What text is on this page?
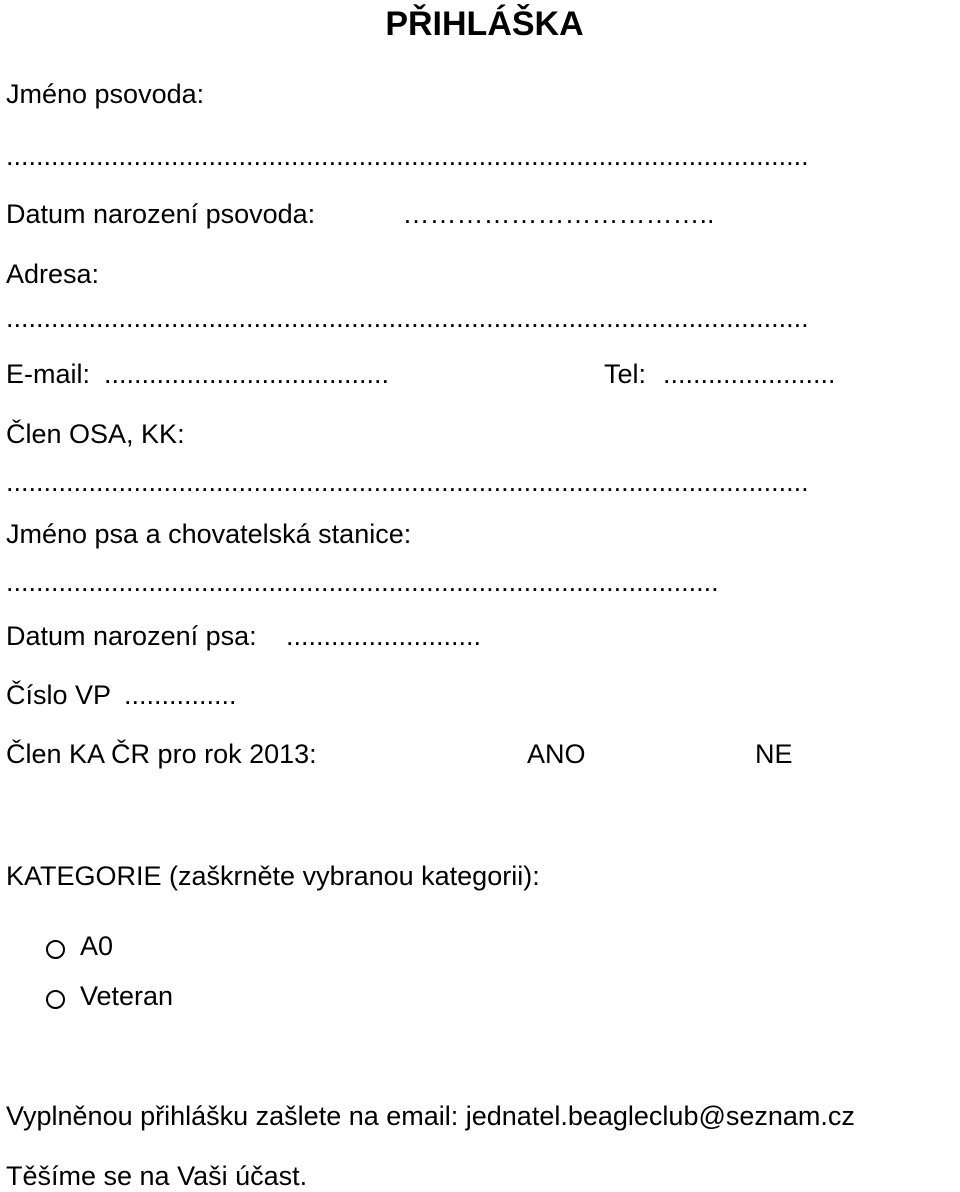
PŘIHLÁŠKA
Jméno psovoda:
...........................................................................................................
Datum narození psovoda: ……………………………..
Adresa:
...........................................................................................................
E-mail: ......................................	Tel: .......................
Člen OSA, KK:
...........................................................................................................
Jméno psa a chovatelská stanice:
...............................................................................................
Datum narození psa: ..........................
Číslo VP ...............
Člen KA ČR pro rok 2013:	ANO	NE
KATEGORIE (zaškrněte vybranou kategorii):
A0
Veteran
Vyplněnou přihlášku zašlete na email: jednatel.beagleclub@seznam.cz
Těšíme se na Vaši účast.
